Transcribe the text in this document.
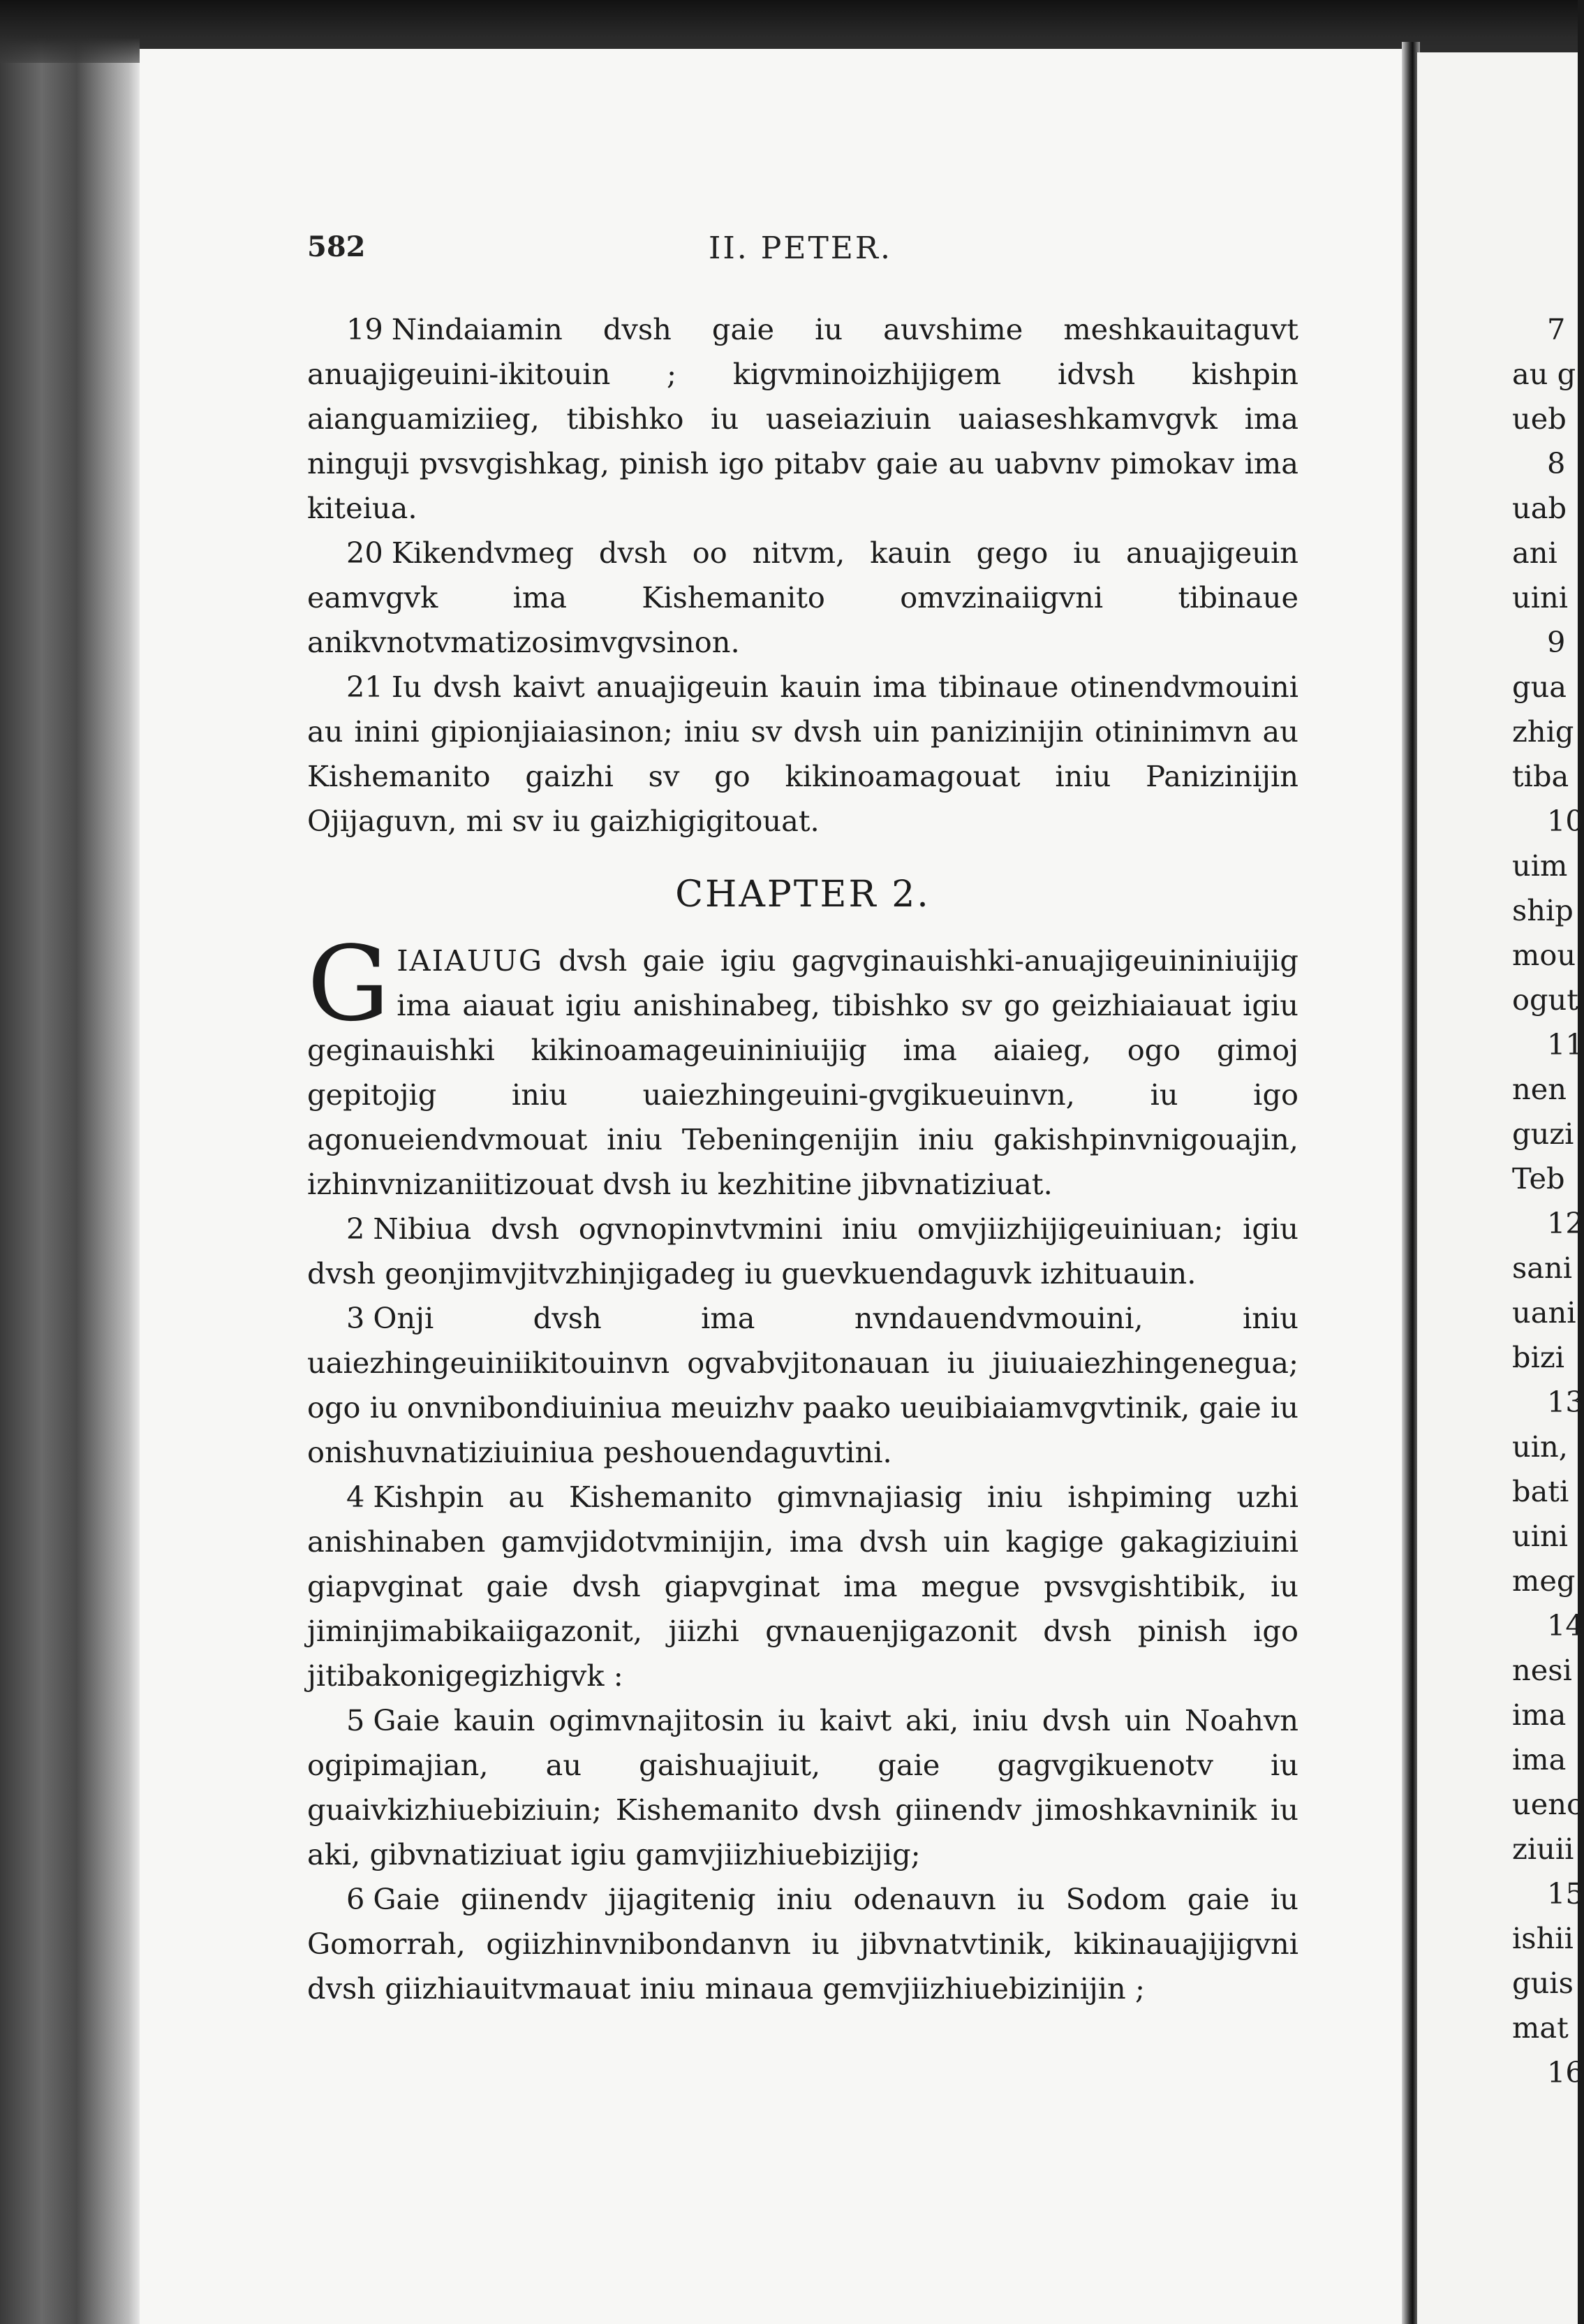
582	II. PETER.

19 Nindaiamin dvsh gaie iu auvshime meshkauitaguvt anuajigeuini-ikitouin ; kigvminoizhijigem idvsh kishpin aianguamiziieg, tibishko iu uaseiaziuin uaiaseshkamvgvk ima ninguji pvsvgishkag, pinish igo pitabv gaie au uabvnv pimokav ima kiteiua.

20 Kikendvmeg dvsh oo nitvm, kauin gego iu anuajigeuin eamvgvk ima Kishemanito omvzinaiigvni tibinaue anikvnotvmatizosimvgvsinon.

21 Iu dvsh kaivt anuajigeuin kauin ima tibinaue otinendvmouini au inini gipionjiaiasinon; iniu sv dvsh uin panizinijin otininimvn au Kishemanito gaizhi sv go kikinoamagouat iniu Panizinijin Ojijaguvn, mi sv iu gaizhigigitouat.

CHAPTER 2.

GIAIAUUG dvsh gaie igiu gagvginauishki-anuajigeuininiuijig ima aiauat igiu anishinabeg, tibishko sv go geizhiaiauat igiu geginauishki kikinoamageuininiuijig ima aiaieg, ogo gimoj gepitojig iniu uaiezhingeuini-gvgikueuinvn, iu igo agonueiendvmouat iniu Tebeningenijin iniu gakishpinvnigouajin, izhinvnizaniitizouat dvsh iu kezhitine jibvnatiziuat.

2 Nibiua dvsh ogvnopinvtvmini iniu omvjiizhijigeuiniuan; igiu dvsh geonjimvjitvzhinjigadeg iu guevkuendaguvk izhituauin.

3 Onji dvsh ima nvndauendvmouini, iniu uaiezhingeuiniikitouinvn ogvabvjitonauan iu jiuiuaiezhingenegua; ogo iu onvnibondiuiniua meuizhv paako ueuibiaiamvgvtinik, gaie iu onishuvnatiziuiniua peshouendaguvtini.

4 Kishpin au Kishemanito gimvnajiasig iniu ishpiming uzhi anishinaben gamvjidotvminijin, ima dvsh uin kagige gakagiziuini giapvginat gaie dvsh giapvginat ima megue pvsvgishtibik, iu jiminjimabikaiigazonit, jiizhi gvnauenjigazonit dvsh pinish igo jitibakonigegizhigvk :

5 Gaie kauin ogimvnajitosin iu kaivt aki, iniu dvsh uin Noahvn ogipimajian, au gaishuajiuit, gaie gagvgikuenotv iu guaivkizhiuebiziuin; Kishemanito dvsh giinendv jimoshkavninik iu aki, gibvnatiziuat igiu gamvjiizhiuebizijig;

6 Gaie giinendv jijagitenig iniu odenauvn iu Sodom gaie iu Gomorrah, ogiizhinvnibondanvn iu jibvnatvtinik, kikinauajijigvni dvsh giizhiauitvmauat iniu minaua gemvjiizhiuebizinijin ;

7
au g
ueb
8
uab
ani
uini
9
gua
zhig
tiba
10
uim
ship
mou
ogut
11
nen
guzi
Teb
12
sani
uani
bizi
13
uin,
bati
uini
meg
14
nesi
ima
ima
uenc
ziuii
15
ishii
guis
mat
16
